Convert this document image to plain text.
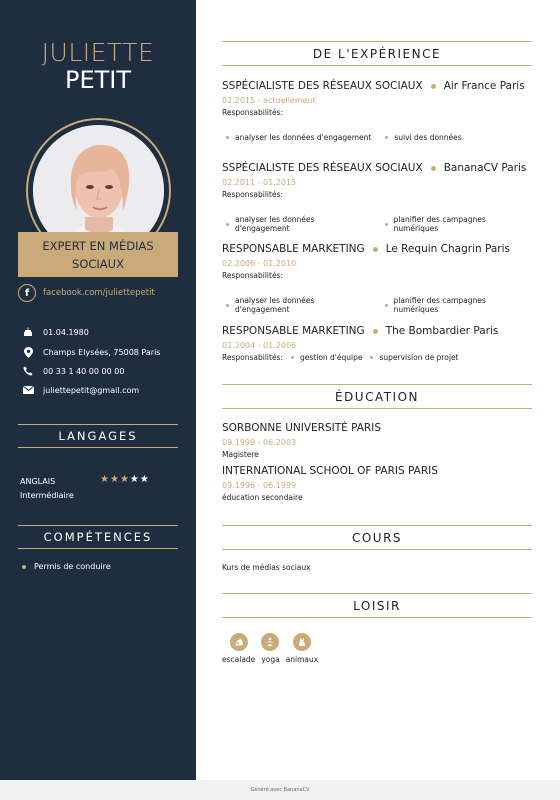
JULIETTE
PETIT
EXPERT EN MÉDIAS SOCIAUX
f	facebook.com/juliettepetit
01.04.1980
Champs Elysées, 75008 Paris
00 33 1 40 00 00 00
juliettepetit@gmail.com
LANGAGES
ANGLAIS
Intermédiaire
★★★★★
COMPÉTENCES
Permis de conduire
DE L'EXPÉRIENCE
SSPÉCIALISTE DES RÉSEAUX SOCIAUX Air France Paris
02.2015 - actuellement
Responsabilités:
analyser les données d'engagement	suivi des données
SSPÉCIALISTE DES RÉSEAUX SOCIAUX BananaCV Paris
02.2011 - 01.2015
Responsabilités:
analyser les données d'engagement
planifier des campagnes numériques
RESPONSABLE MARKETING Le Requin Chagrin Paris
02.2006 - 01.2010
Responsabilités:
analyser les données d'engagement
planifier des campagnes numériques
RESPONSABLE MARKETING The Bombardier Paris
01.2004 - 01.2006
Responsabilités: gestion d'équipe supervision de projet
ÉDUCATION
SORBONNE UNIVERSITÉ PARIS
09.1999 - 06.2003
Magistere
INTERNATIONAL SCHOOL OF PARIS PARIS
09.1996 - 06.1999
éducation secondaire
COURS
Kurs de médias sociaux
LOISIR
escalade yoga animaux
Généré avec BananaCV
